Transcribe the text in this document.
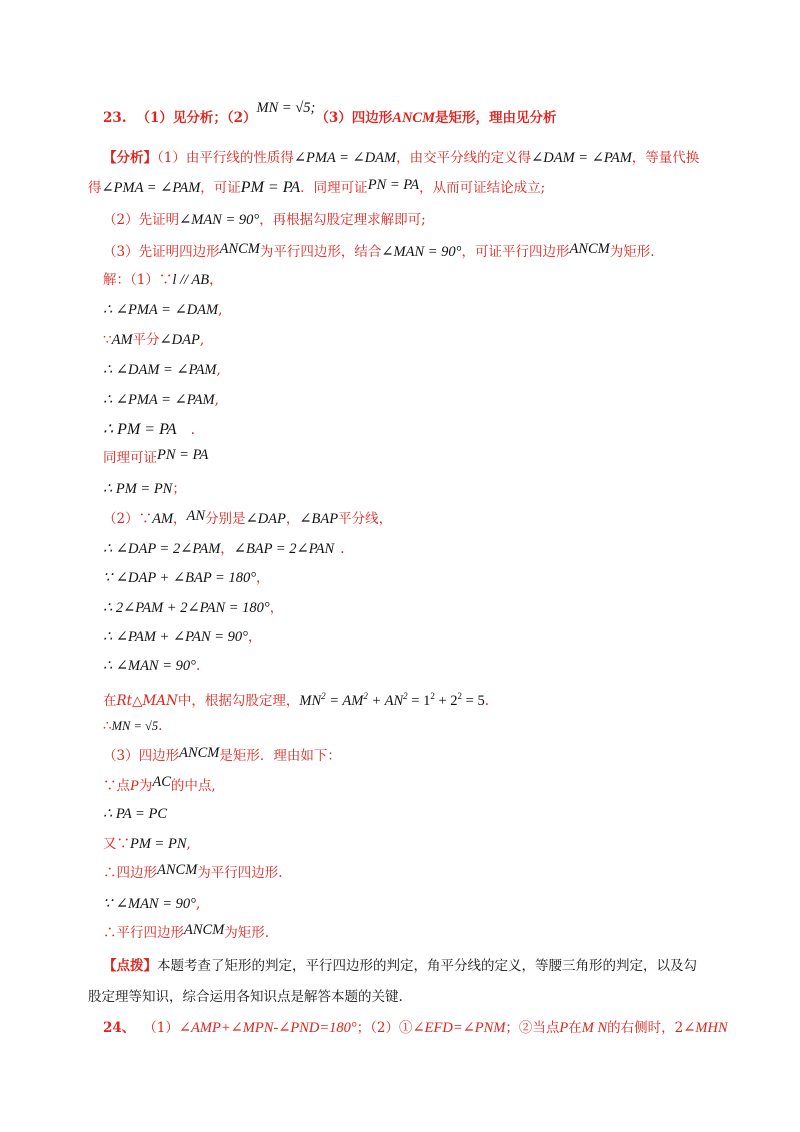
23. （1）见分析；（2）MN = √5;（3）四边形ANCM是矩形，理由见分析
【分析】（1）由平行线的性质得∠PMA = ∠DAM，由交平分线的定义得∠DAM = ∠PAM，等量代换
得∠PMA = ∠PAM，可证PM = PA．同理可证PN = PA，从而可证结论成立;
（2）先证明∠MAN = 90°，再根据勾股定理求解即可;
（3）先证明四边形ANCM为平行四边形，结合∠MAN = 90°，可证平行四边形ANCM为矩形.
解：（1）∵l // AB，
∴ ∠PMA = ∠DAM,
∵AM平分∠DAP,
∴ ∠DAM = ∠PAM,
∴ ∠PMA = ∠PAM,
∴ PM = PA .
同理可证PN = PA
∴ PM = PN；
（2）∵AM，AN分别是∠DAP，∠BAP平分线，
∴ ∠DAP = 2∠PAM，∠BAP = 2∠PAN .
∵ ∠DAP + ∠BAP = 180°，
∴ 2∠PAM + 2∠PAN = 180°，
∴ ∠PAM + ∠PAN = 90°，
∴ ∠MAN = 90°.
在Rt△MAN中，根据勾股定理，$MN^2 = AM^2 + AN^2 = 1^2 + 2^2 = 5$.
∴MN = √5.
（3）四边形ANCM是矩形．理由如下：
∵点P为AC的中点,
∴ PA = PC
又∵PM = PN,
∴四边形ANCM为平行四边形.
∵ ∠MAN = 90°,
∴平行四边形ANCM为矩形.
【点拨】本题考查了矩形的判定，平行四边形的判定，角平分线的定义，等腰三角形的判定，以及勾
股定理等知识，综合运用各知识点是解答本题的关键.
24、 （1）∠AMP+∠MPN-∠PND=180°；（2）①∠EFD=∠PNM；②当点P在M N的右侧时，2∠MHN
